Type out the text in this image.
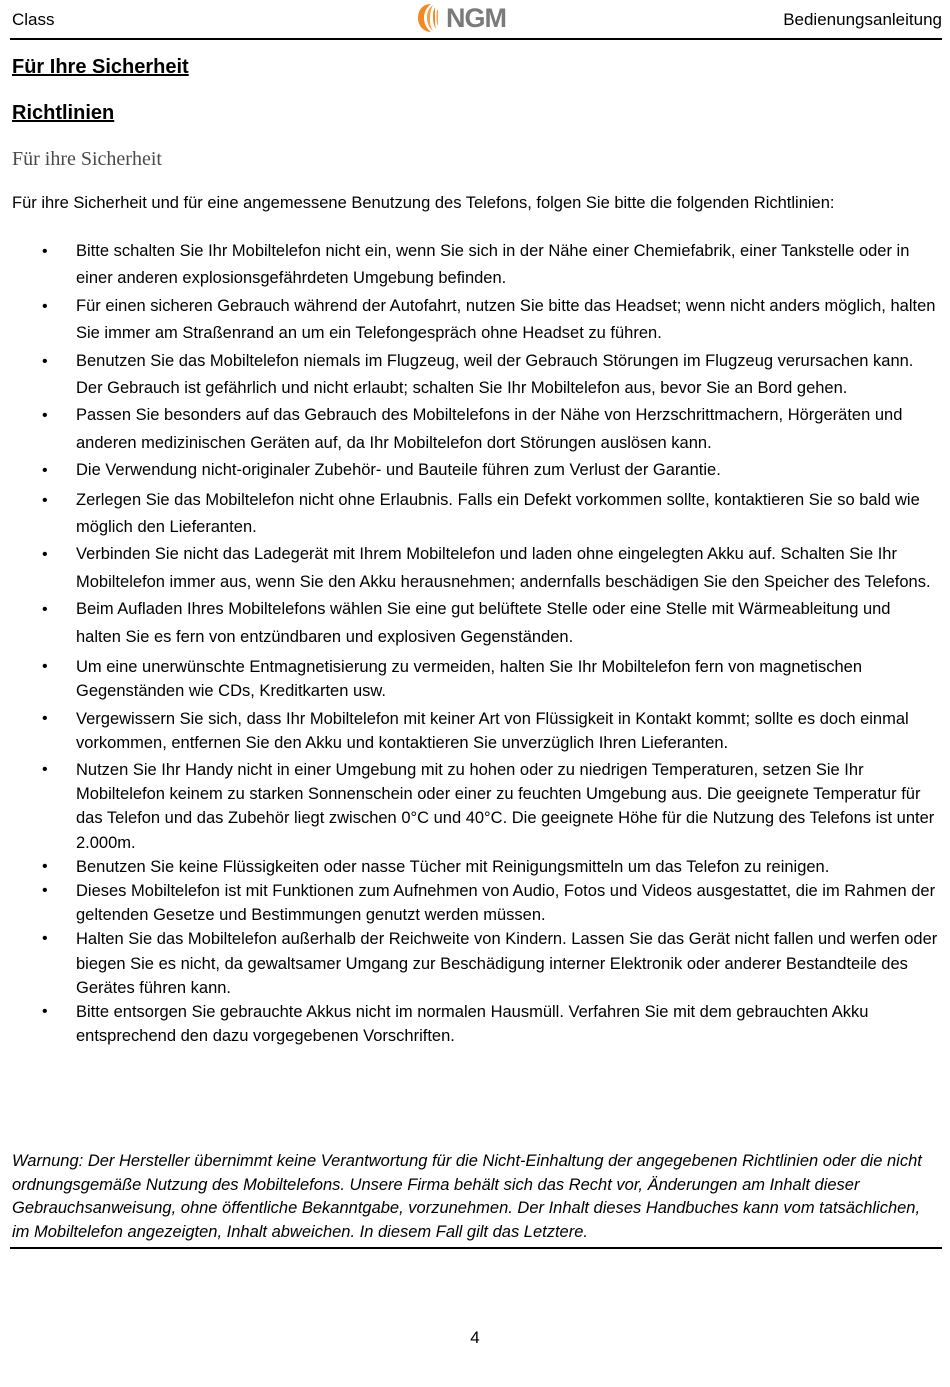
Class	NGM	Bedienungsanleitung
Für Ihre Sicherheit
Richtlinien
Für ihre Sicherheit
Für ihre Sicherheit und für eine angemessene Benutzung des Telefons, folgen Sie bitte die folgenden Richtlinien:
• Bitte schalten Sie Ihr Mobiltelefon nicht ein, wenn Sie sich in der Nähe einer Chemiefabrik, einer Tankstelle oder in einer anderen explosionsgefährdeten Umgebung befinden.
• Für einen sicheren Gebrauch während der Autofahrt, nutzen Sie bitte das Headset; wenn nicht anders möglich, halten Sie immer am Straßenrand an um ein Telefongespräch ohne Headset zu führen.
• Benutzen Sie das Mobiltelefon niemals im Flugzeug, weil der Gebrauch Störungen im Flugzeug verursachen kann. Der Gebrauch ist gefährlich und nicht erlaubt; schalten Sie Ihr Mobiltelefon aus, bevor Sie an Bord gehen.
• Passen Sie besonders auf das Gebrauch des Mobiltelefons in der Nähe von Herzschrittmachern, Hörgeräten und anderen medizinischen Geräten auf, da Ihr Mobiltelefon dort Störungen auslösen kann.
• Die Verwendung nicht-originaler Zubehör- und Bauteile führen zum Verlust der Garantie.
• Zerlegen Sie das Mobiltelefon nicht ohne Erlaubnis. Falls ein Defekt vorkommen sollte, kontaktieren Sie so bald wie möglich den Lieferanten.
• Verbinden Sie nicht das Ladegerät mit Ihrem Mobiltelefon und laden ohne eingelegten Akku auf. Schalten Sie Ihr Mobiltelefon immer aus, wenn Sie den Akku herausnehmen; andernfalls beschädigen Sie den Speicher des Telefons.
• Beim Aufladen Ihres Mobiltelefons wählen Sie eine gut belüftete Stelle oder eine Stelle mit Wärmeableitung und halten Sie es fern von entzündbaren und explosiven Gegenständen.
• Um eine unerwünschte Entmagnetisierung zu vermeiden, halten Sie Ihr Mobiltelefon fern von magnetischen Gegenständen wie CDs, Kreditkarten usw.
• Vergewissern Sie sich, dass Ihr Mobiltelefon mit keiner Art von Flüssigkeit in Kontakt kommt; sollte es doch einmal vorkommen, entfernen Sie den Akku und kontaktieren Sie unverzüglich Ihren Lieferanten.
• Nutzen Sie Ihr Handy nicht in einer Umgebung mit zu hohen oder zu niedrigen Temperaturen, setzen Sie Ihr Mobiltelefon keinem zu starken Sonnenschein oder einer zu feuchten Umgebung aus. Die geeignete Temperatur für das Telefon und das Zubehör liegt zwischen 0°C und 40°C. Die geeignete Höhe für die Nutzung des Telefons ist unter 2.000m.
• Benutzen Sie keine Flüssigkeiten oder nasse Tücher mit Reinigungsmitteln um das Telefon zu reinigen.
• Dieses Mobiltelefon ist mit Funktionen zum Aufnehmen von Audio, Fotos und Videos ausgestattet, die im Rahmen der geltenden Gesetze und Bestimmungen genutzt werden müssen.
• Halten Sie das Mobiltelefon außerhalb der Reichweite von Kindern. Lassen Sie das Gerät nicht fallen und werfen oder biegen Sie es nicht, da gewaltsamer Umgang zur Beschädigung interner Elektronik oder anderer Bestandteile des Gerätes führen kann.
• Bitte entsorgen Sie gebrauchte Akkus nicht im normalen Hausmüll. Verfahren Sie mit dem gebrauchten Akku entsprechend den dazu vorgegebenen Vorschriften.
Warnung: Der Hersteller übernimmt keine Verantwortung für die Nicht-Einhaltung der angegebenen Richtlinien oder die nicht ordnungsgemäße Nutzung des Mobiltelefons. Unsere Firma behält sich das Recht vor, Änderungen am Inhalt dieser Gebrauchsanweisung, ohne öffentliche Bekanntgabe, vorzunehmen. Der Inhalt dieses Handbuches kann vom tatsächlichen, im Mobiltelefon angezeigten, Inhalt abweichen. In diesem Fall gilt das Letztere.
4
